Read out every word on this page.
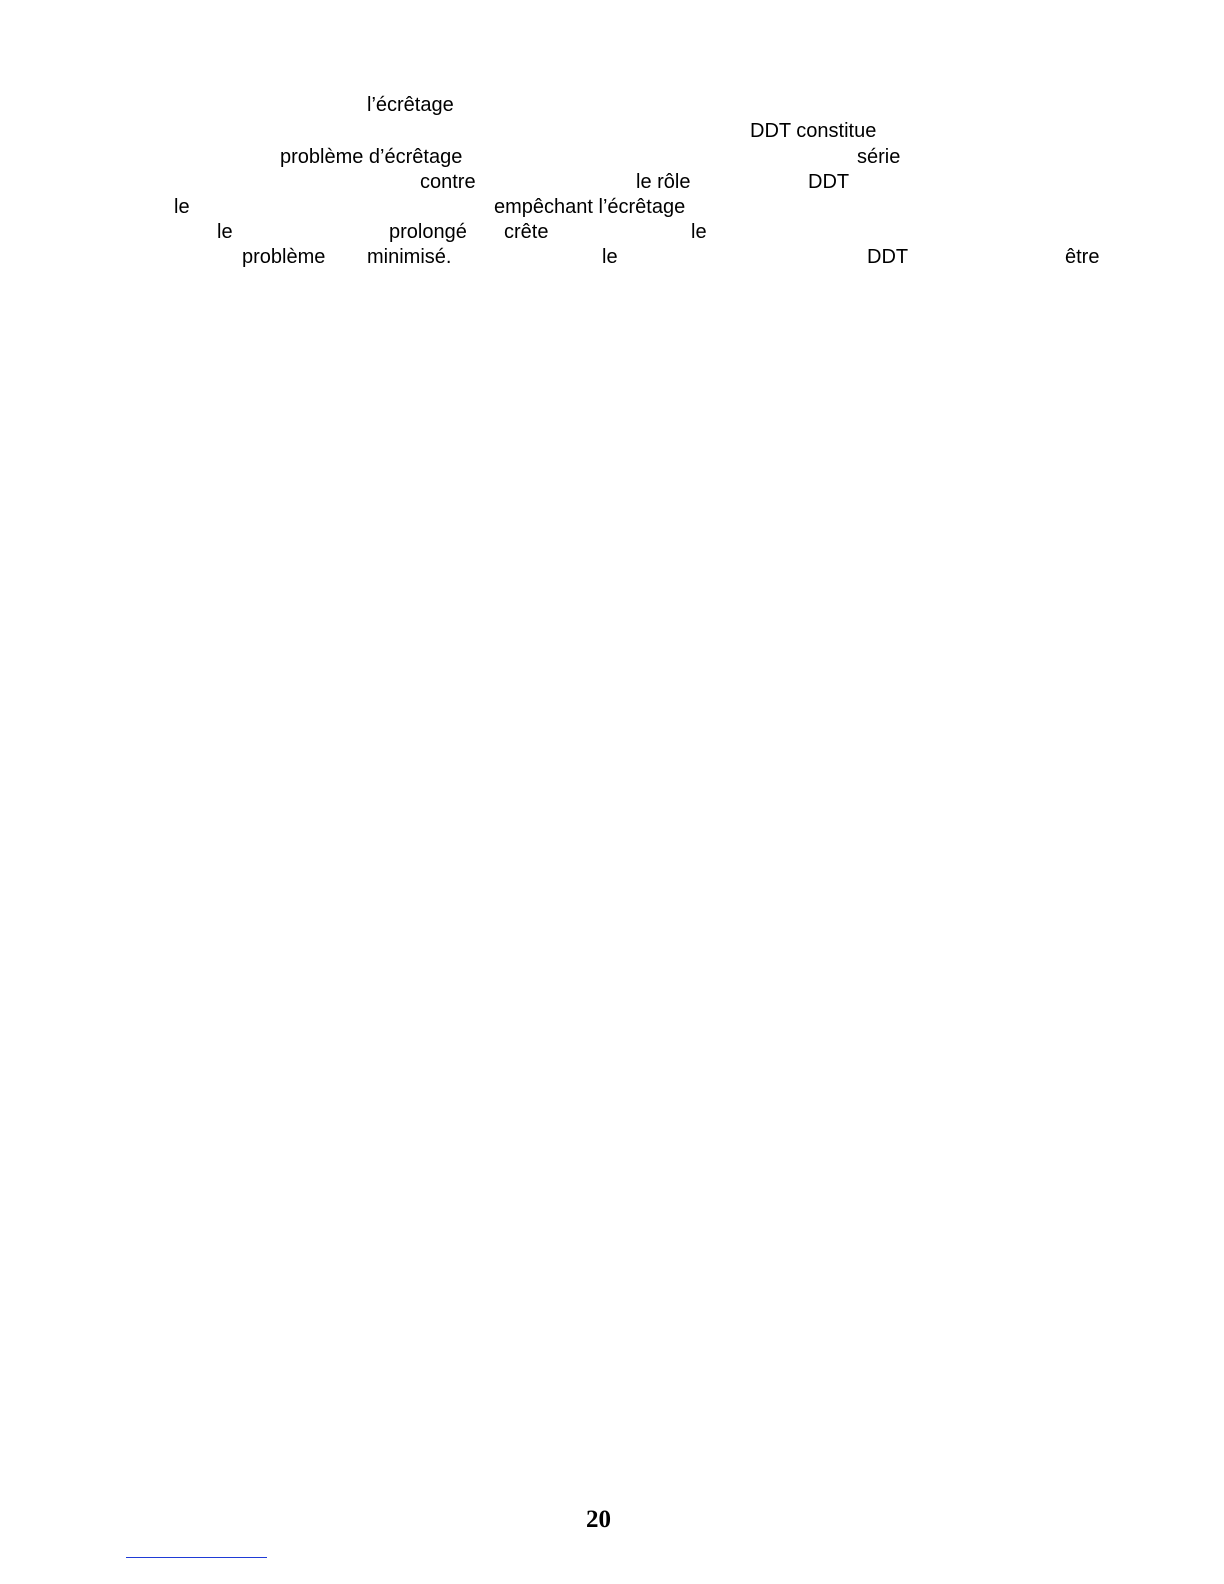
l’écrêtage
DDT constitue
problème d’écrêtage	série
contre	le rôle	DDT
le	empêchant l’écrêtage
le	prolongé crête	le
problème minimisé.	le	DDT	être
20
